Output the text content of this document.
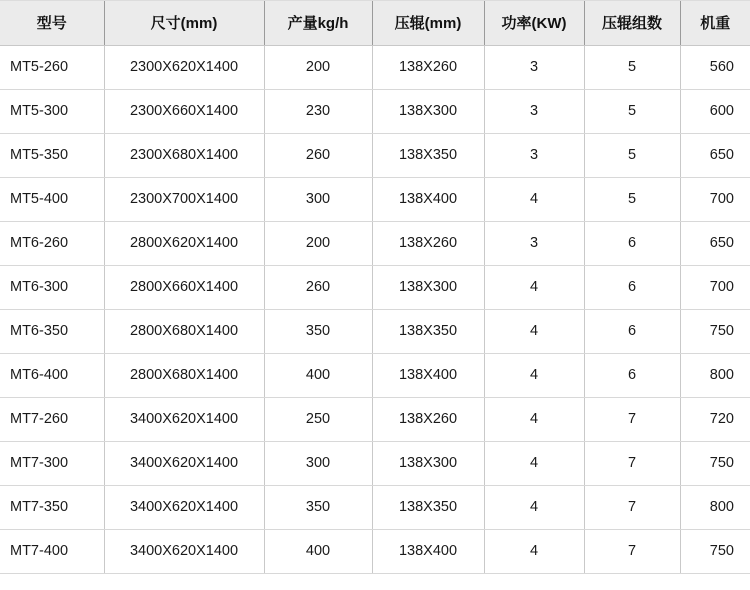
型号	尺寸(mm)	产量kg/h	压辊(mm)	功率(KW)	压辊组数	机重
MT5-260	2300X620X1400	200	138X260	3	5	560
MT5-300	2300X660X1400	230	138X300	3	5	600
MT5-350	2300X680X1400	260	138X350	3	5	650
MT5-400	2300X700X1400	300	138X400	4	5	700
MT6-260	2800X620X1400	200	138X260	3	6	650
MT6-300	2800X660X1400	260	138X300	4	6	700
MT6-350	2800X680X1400	350	138X350	4	6	750
MT6-400	2800X680X1400	400	138X400	4	6	800
MT7-260	3400X620X1400	250	138X260	4	7	720
MT7-300	3400X620X1400	300	138X300	4	7	750
MT7-350	3400X620X1400	350	138X350	4	7	800
MT7-400	3400X620X1400	400	138X400	4	7	750
